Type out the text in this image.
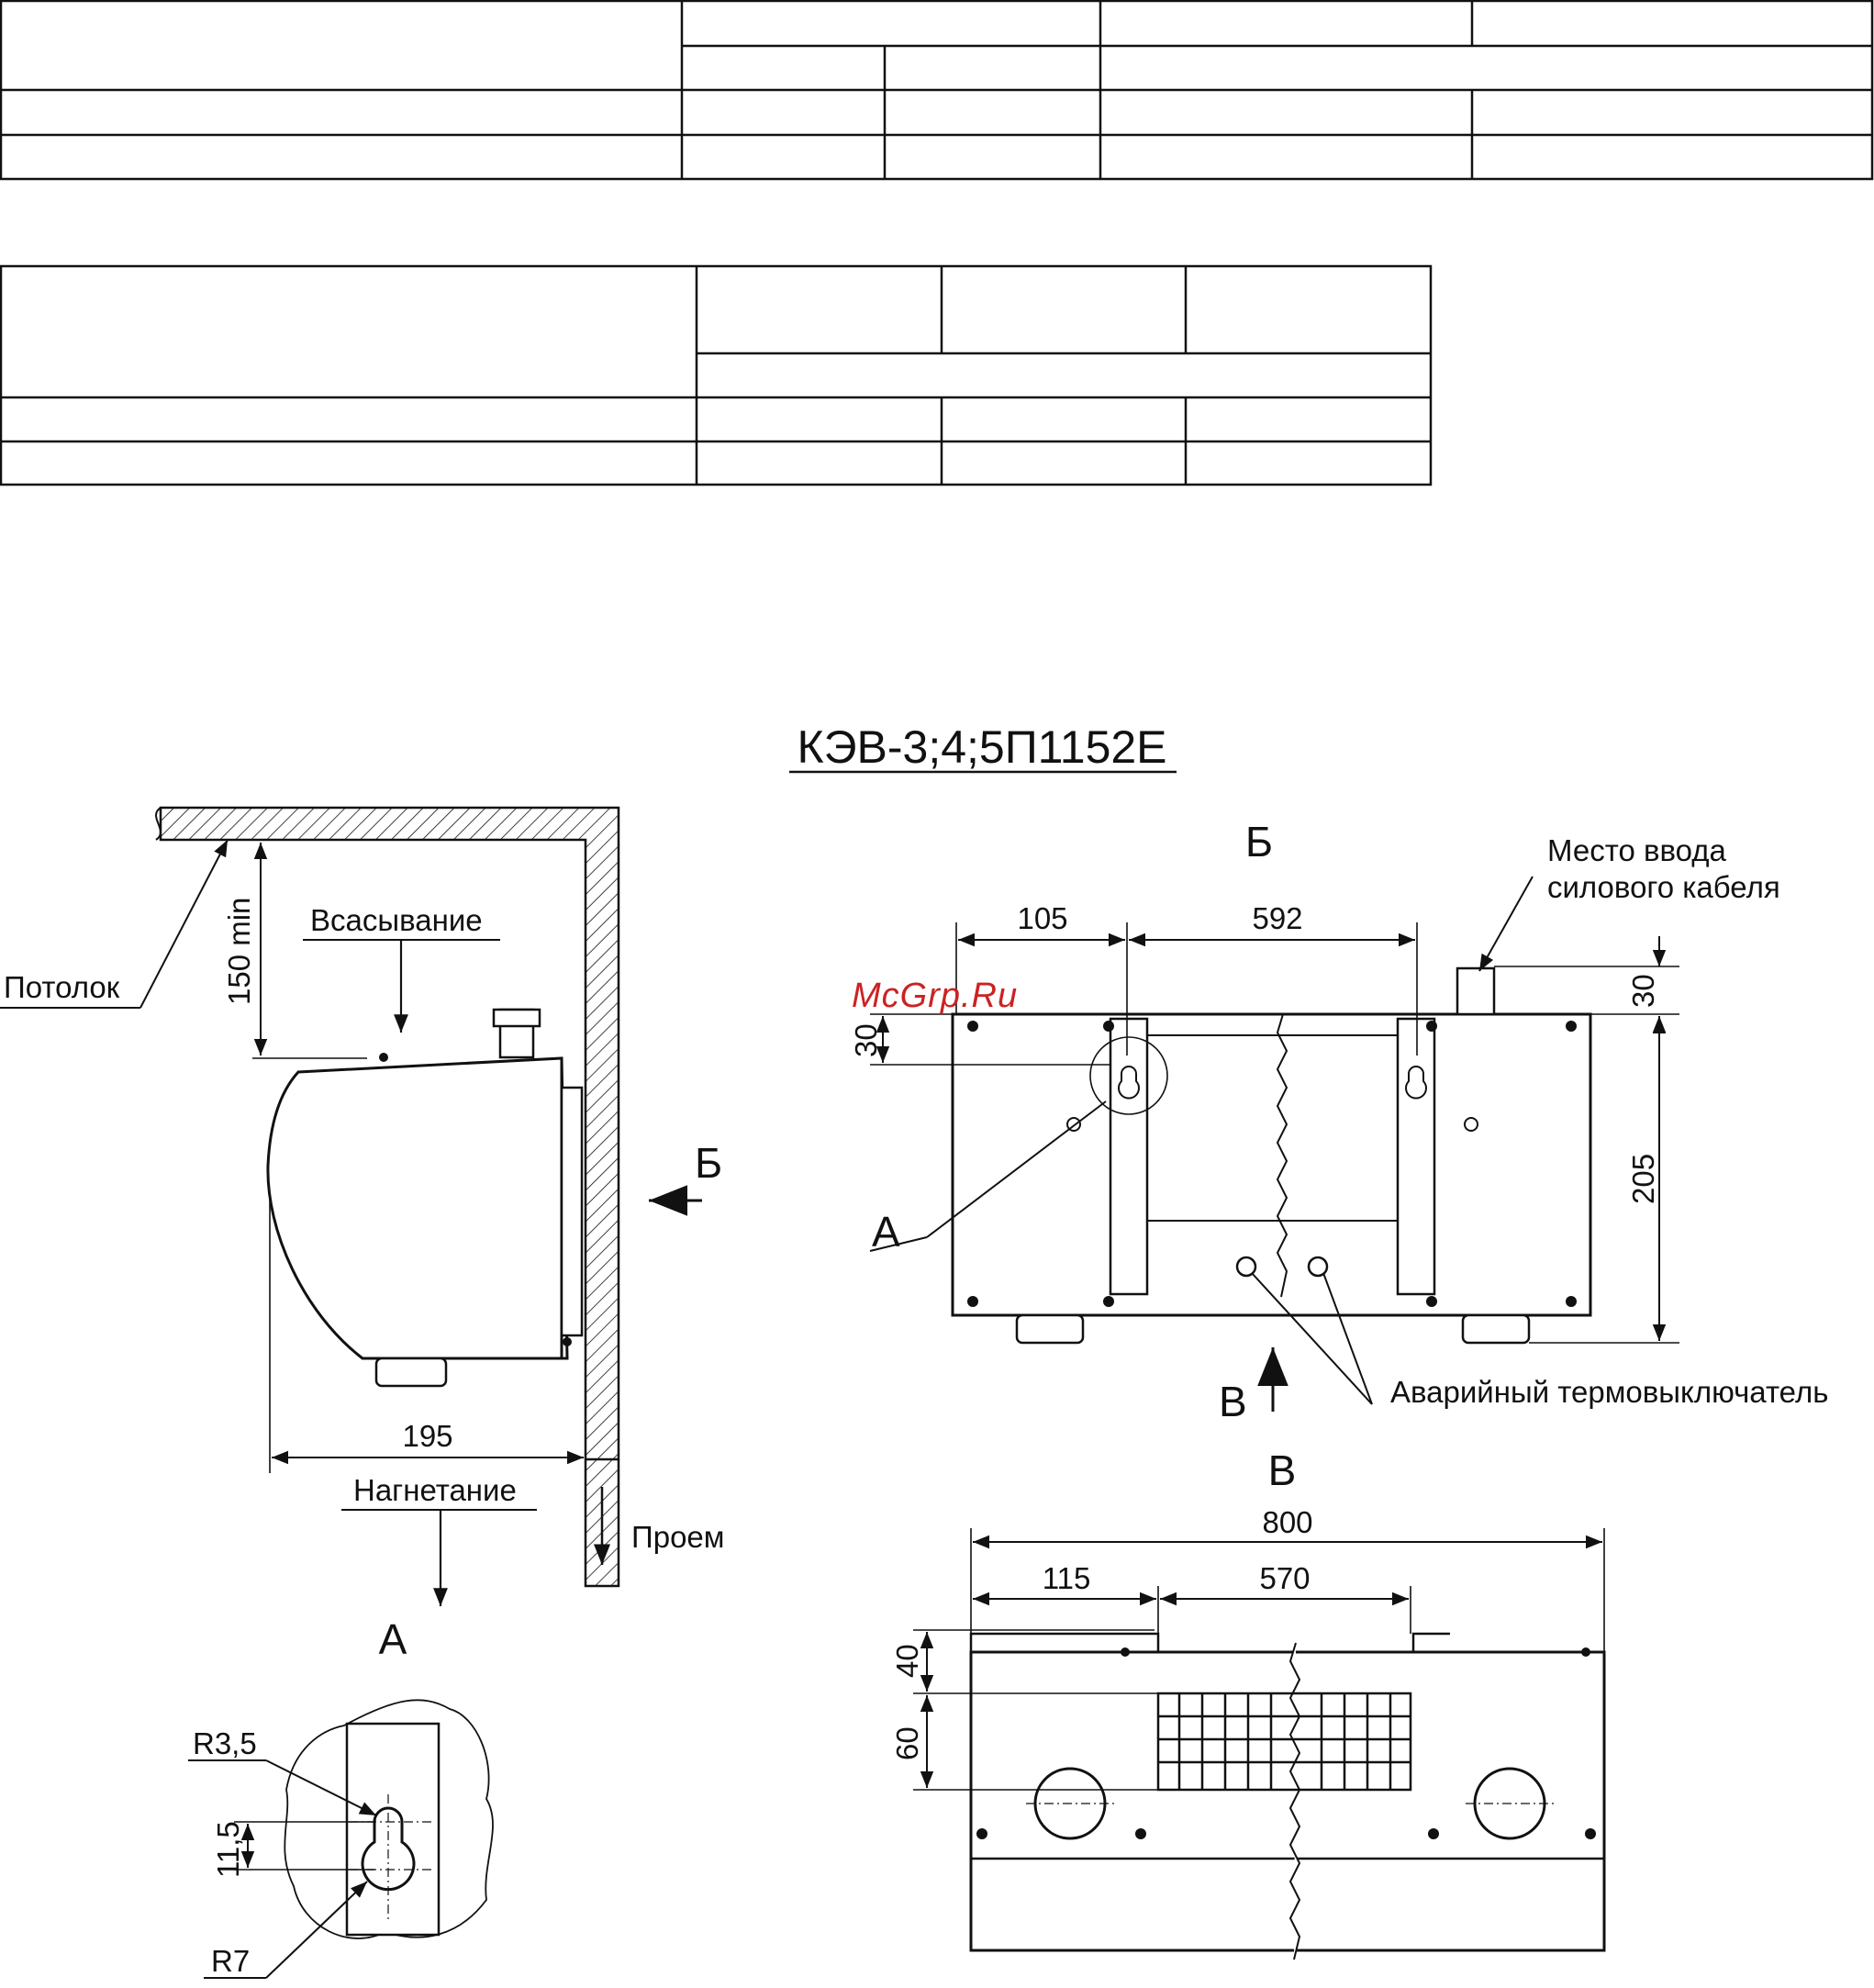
КЭВ-3;4;5П1152Е
Проем
Потолок	150 min Всасывание
Б
195
Нагнетание
Б
105	592
30
205
30
Место ввода
силового кабеля
А
В	Аварийный термовыключатель
В
800
115	570
40
60
А
11,5
R3,5
R7
McGrp.Ru
